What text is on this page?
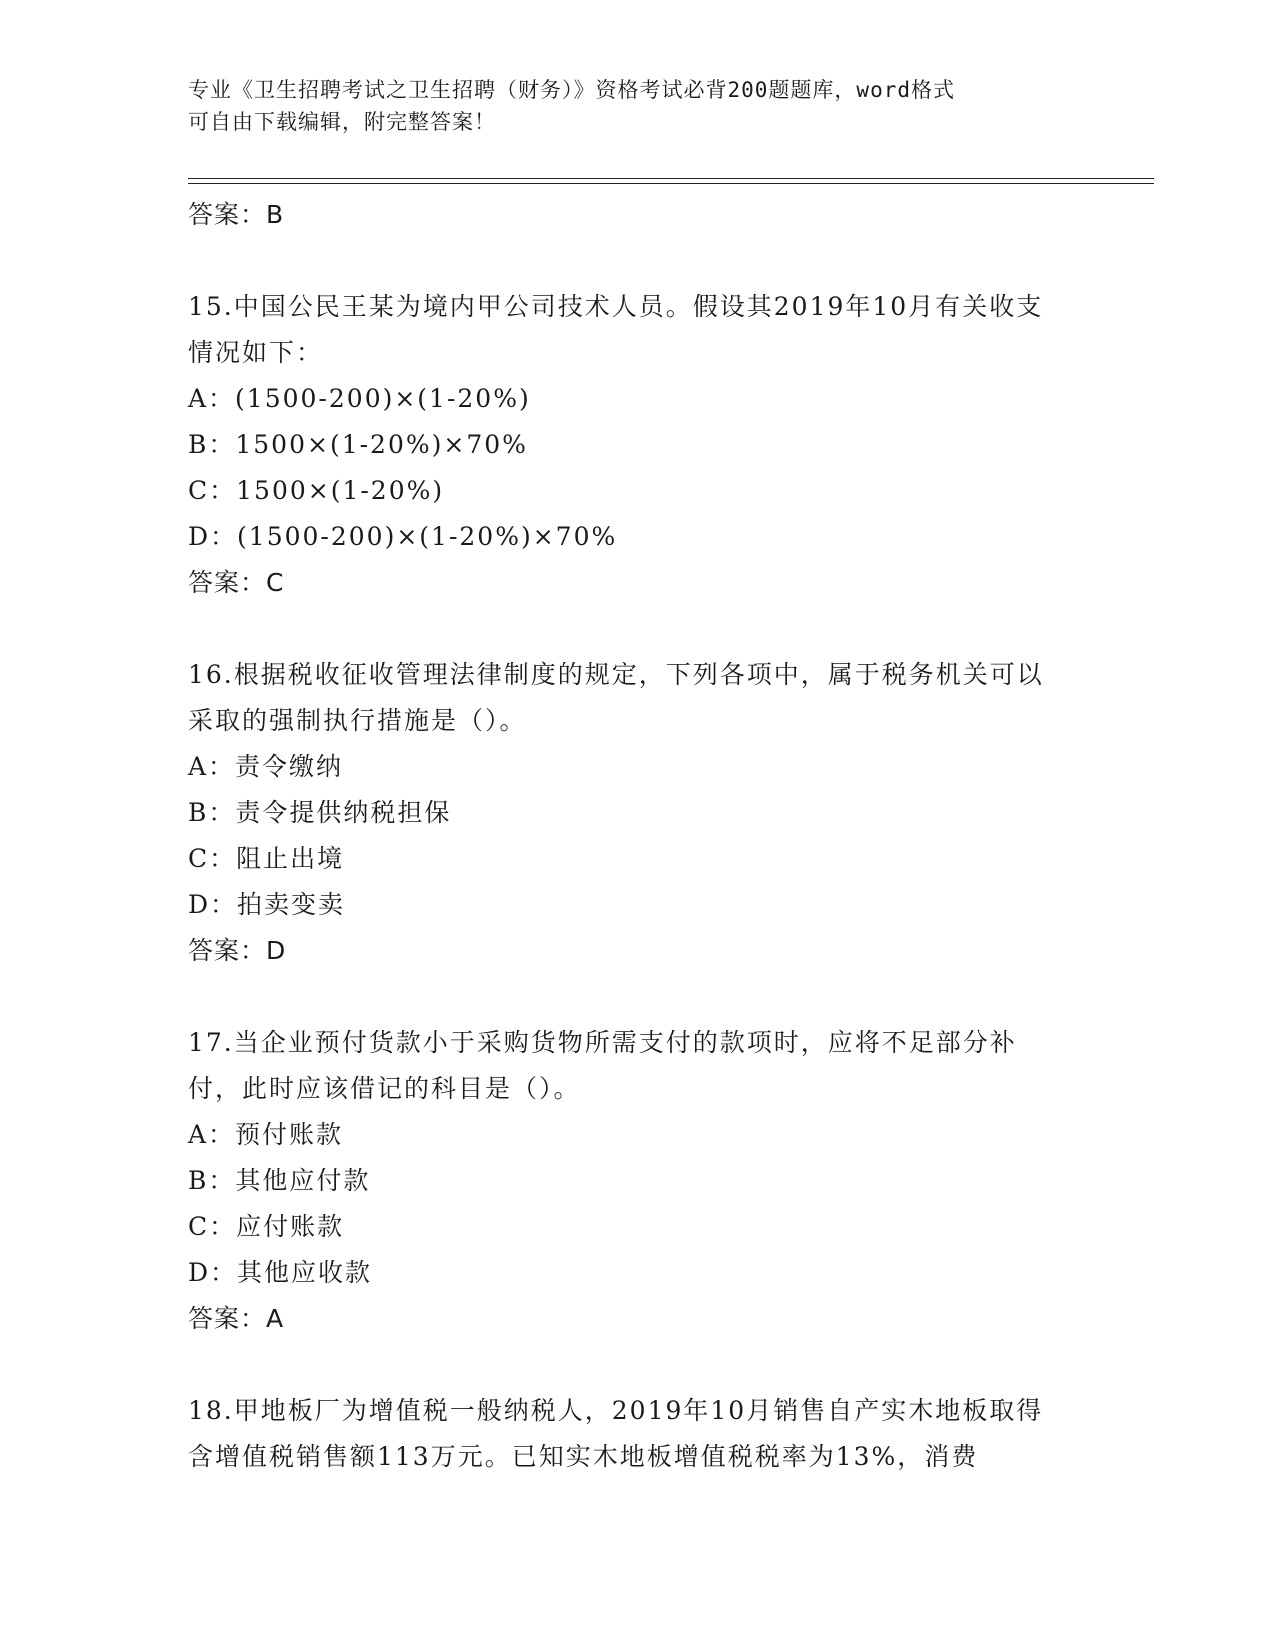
专业《卫生招聘考试之卫生招聘（财务）》资格考试必背200题题库，word格式
可自由下载编辑，附完整答案！
答案：B
15.中国公民王某为境内甲公司技术人员。假设其2019年10月有关收支情况如下：
A：(1500-200)×(1-20%)
B：1500×(1-20%)×70%
C：1500×(1-20%)
D：(1500-200)×(1-20%)×70%
答案：C
16.根据税收征收管理法律制度的规定，下列各项中，属于税务机关可以采取的强制执行措施是（）。
A：责令缴纳
B：责令提供纳税担保
C：阻止出境
D：拍卖变卖
答案：D
17.当企业预付货款小于采购货物所需支付的款项时，应将不足部分补付，此时应该借记的科目是（）。
A：预付账款
B：其他应付款
C：应付账款
D：其他应收款
答案：A
18.甲地板厂为增值税一般纳税人，2019年10月销售自产实木地板取得含增值税销售额113万元。已知实木地板增值税税率为13%，消费
